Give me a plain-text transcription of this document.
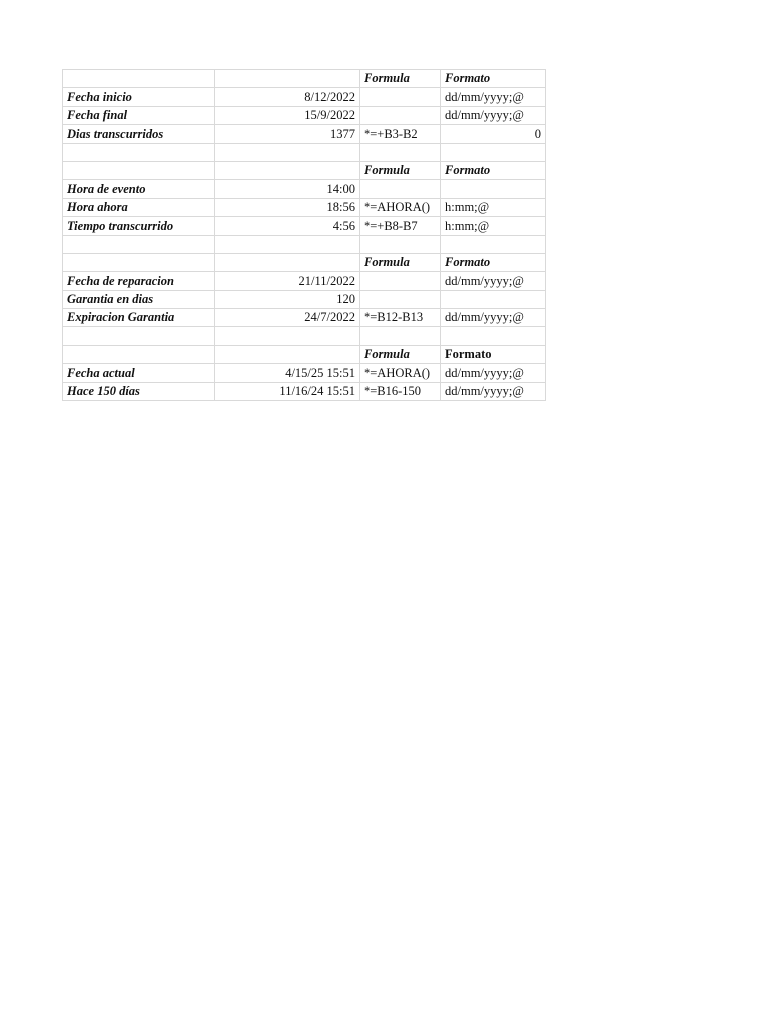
		Formula	Formato
Fecha inicio	8/12/2022		dd/mm/yyyy;@
Fecha final	15/9/2022		dd/mm/yyyy;@
Dias transcurridos	1377	*=+B3-B2	0

		Formula	Formato
Hora de evento	14:00		
Hora ahora	18:56	*=AHORA()	h:mm;@
Tiempo transcurrido	4:56	*=+B8-B7	h:mm;@

		Formula	Formato
Fecha de reparacion	21/11/2022		dd/mm/yyyy;@
Garantia en dias	120		
Expiracion Garantia	24/7/2022	*=B12-B13	dd/mm/yyyy;@

		Formula	Formato
Fecha actual	4/15/25 15:51	*=AHORA()	dd/mm/yyyy;@
Hace 150 días	11/16/24 15:51	*=B16-150	dd/mm/yyyy;@
